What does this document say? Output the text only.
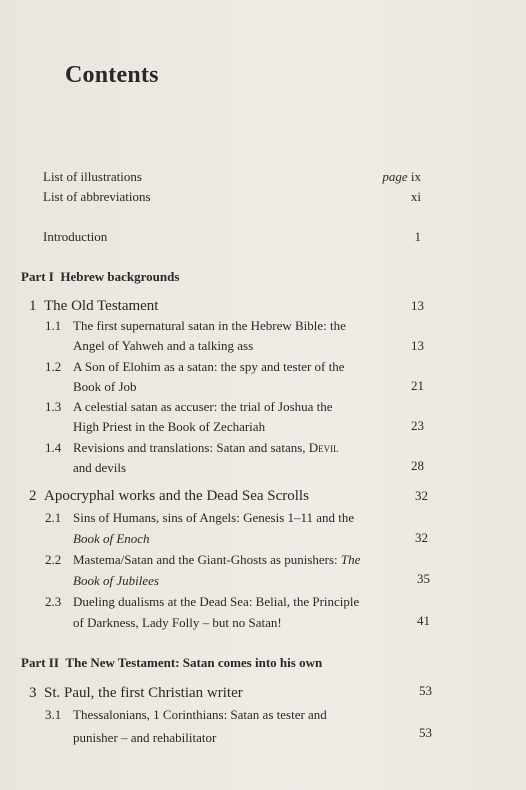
Contents
List of illustrations	page ix
List of abbreviations	xi
Introduction	1
Part I Hebrew backgrounds
1 The Old Testament	13
1.1 The first supernatural satan in the Hebrew Bible: the
Angel of Yahweh and a talking ass	13
1.2 A Son of Elohim as a satan: the spy and tester of the
Book of Job	21
1.3 A celestial satan as accuser: the trial of Joshua the
High Priest in the Book of Zechariah	23
1.4 Revisions and translations: Satan and satans, Devil
and devils	28
2 Apocryphal works and the Dead Sea Scrolls	32
2.1 Sins of Humans, sins of Angels: Genesis 1–11 and the
Book of Enoch	32
2.2 Mastema/Satan and the Giant-Ghosts as punishers: The
Book of Jubilees	35
2.3 Dueling dualisms at the Dead Sea: Belial, the Principle
of Darkness, Lady Folly – but no Satan!	41
Part II The New Testament: Satan comes into his own
3 St. Paul, the first Christian writer	53
3.1 Thessalonians, 1 Corinthians: Satan as tester and
punisher – and rehabilitator	53
